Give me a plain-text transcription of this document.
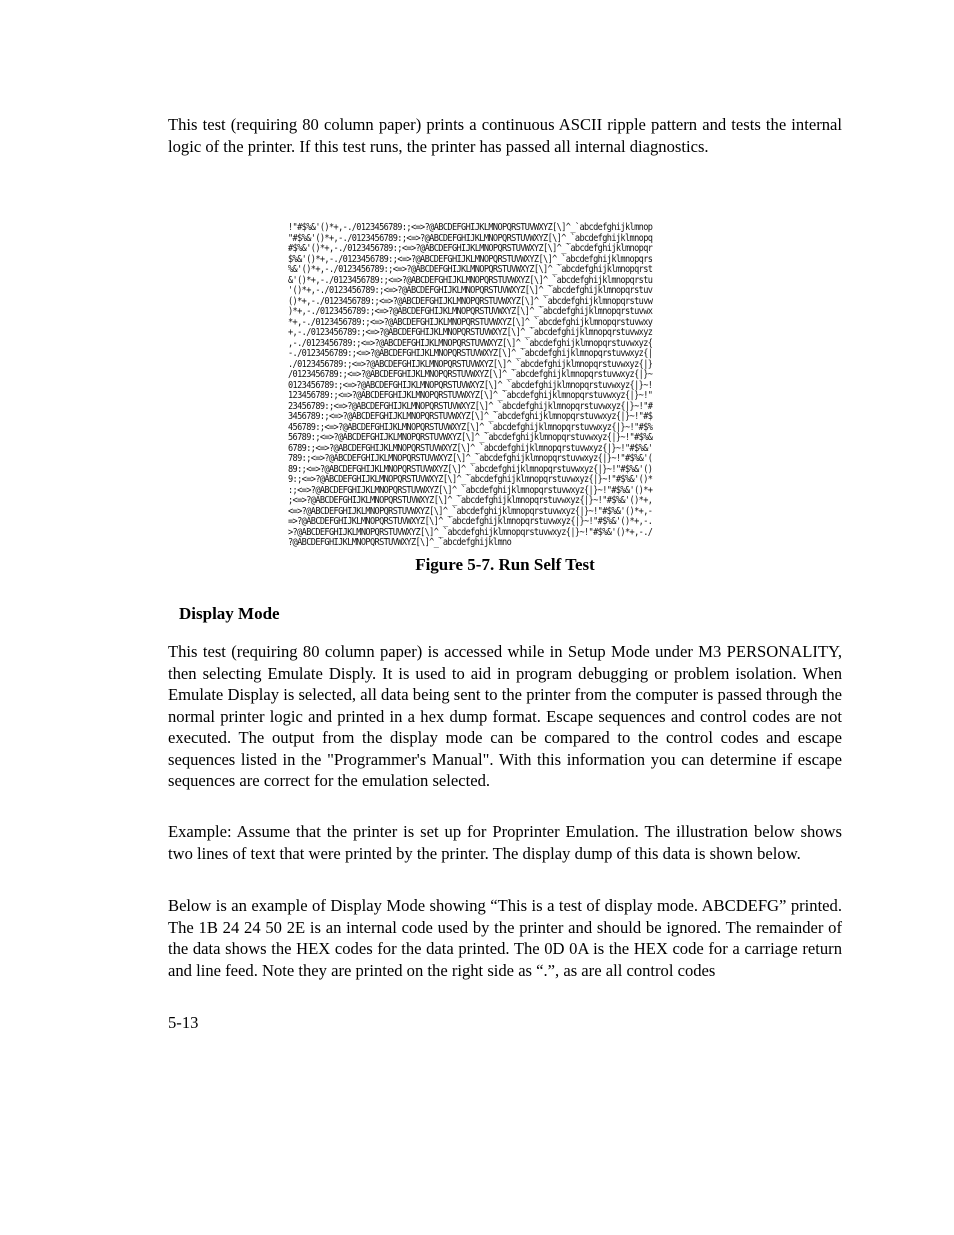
This test (requiring 80 column paper) prints a continuous ASCII ripple pattern and tests the internal logic of the printer. If this test runs, the printer has passed all internal diagnostics.

!"#$%&'()*+,-./0123456789:;<=>?@ABCDEFGHIJKLMNOPQRSTUVWXYZ[\]^_`abcdefghijklmnop
"#$%&'()*+,-./0123456789:;<=>?@ABCDEFGHIJKLMNOPQRSTUVWXYZ[\]^_`abcdefghijklmnopq
#$%&'()*+,-./0123456789:;<=>?@ABCDEFGHIJKLMNOPQRSTUVWXYZ[\]^_`abcdefghijklmnopqr
$%&'()*+,-./0123456789:;<=>?@ABCDEFGHIJKLMNOPQRSTUVWXYZ[\]^_`abcdefghijklmnopqrs
%&'()*+,-./0123456789:;<=>?@ABCDEFGHIJKLMNOPQRSTUVWXYZ[\]^_`abcdefghijklmnopqrst
&'()*+,-./0123456789:;<=>?@ABCDEFGHIJKLMNOPQRSTUVWXYZ[\]^_`abcdefghijklmnopqrstu
'()*+,-./0123456789:;<=>?@ABCDEFGHIJKLMNOPQRSTUVWXYZ[\]^_`abcdefghijklmnopqrstuv
()*+,-./0123456789:;<=>?@ABCDEFGHIJKLMNOPQRSTUVWXYZ[\]^_`abcdefghijklmnopqrstuvw
)*+,-./0123456789:;<=>?@ABCDEFGHIJKLMNOPQRSTUVWXYZ[\]^_`abcdefghijklmnopqrstuvwx
*+,-./0123456789:;<=>?@ABCDEFGHIJKLMNOPQRSTUVWXYZ[\]^_`abcdefghijklmnopqrstuvwxy
+,-./0123456789:;<=>?@ABCDEFGHIJKLMNOPQRSTUVWXYZ[\]^_`abcdefghijklmnopqrstuvwxyz
,-./0123456789:;<=>?@ABCDEFGHIJKLMNOPQRSTUVWXYZ[\]^_`abcdefghijklmnopqrstuvwxyz{
-./0123456789:;<=>?@ABCDEFGHIJKLMNOPQRSTUVWXYZ[\]^_`abcdefghijklmnopqrstuvwxyz{|
./0123456789:;<=>?@ABCDEFGHIJKLMNOPQRSTUVWXYZ[\]^_`abcdefghijklmnopqrstuvwxyz{|}
/0123456789:;<=>?@ABCDEFGHIJKLMNOPQRSTUVWXYZ[\]^_`abcdefghijklmnopqrstuvwxyz{|}~
0123456789:;<=>?@ABCDEFGHIJKLMNOPQRSTUVWXYZ[\]^_`abcdefghijklmnopqrstuvwxyz{|}~!
123456789:;<=>?@ABCDEFGHIJKLMNOPQRSTUVWXYZ[\]^_`abcdefghijklmnopqrstuvwxyz{|}~!"
23456789:;<=>?@ABCDEFGHIJKLMNOPQRSTUVWXYZ[\]^_`abcdefghijklmnopqrstuvwxyz{|}~!"#
3456789:;<=>?@ABCDEFGHIJKLMNOPQRSTUVWXYZ[\]^_`abcdefghijklmnopqrstuvwxyz{|}~!"#$
456789:;<=>?@ABCDEFGHIJKLMNOPQRSTUVWXYZ[\]^_`abcdefghijklmnopqrstuvwxyz{|}~!"#$%
56789:;<=>?@ABCDEFGHIJKLMNOPQRSTUVWXYZ[\]^_`abcdefghijklmnopqrstuvwxyz{|}~!"#$%&
6789:;<=>?@ABCDEFGHIJKLMNOPQRSTUVWXYZ[\]^_`abcdefghijklmnopqrstuvwxyz{|}~!"#$%&'
789:;<=>?@ABCDEFGHIJKLMNOPQRSTUVWXYZ[\]^_`abcdefghijklmnopqrstuvwxyz{|}~!"#$%&'(
89:;<=>?@ABCDEFGHIJKLMNOPQRSTUVWXYZ[\]^_`abcdefghijklmnopqrstuvwxyz{|}~!"#$%&'()
9:;<=>?@ABCDEFGHIJKLMNOPQRSTUVWXYZ[\]^_`abcdefghijklmnopqrstuvwxyz{|}~!"#$%&'()*
:;<=>?@ABCDEFGHIJKLMNOPQRSTUVWXYZ[\]^_`abcdefghijklmnopqrstuvwxyz{|}~!"#$%&'()*+
;<=>?@ABCDEFGHIJKLMNOPQRSTUVWXYZ[\]^_`abcdefghijklmnopqrstuvwxyz{|}~!"#$%&'()*+,
<=>?@ABCDEFGHIJKLMNOPQRSTUVWXYZ[\]^_`abcdefghijklmnopqrstuvwxyz{|}~!"#$%&'()*+,-
=>?@ABCDEFGHIJKLMNOPQRSTUVWXYZ[\]^_`abcdefghijklmnopqrstuvwxyz{|}~!"#$%&'()*+,-.
>?@ABCDEFGHIJKLMNOPQRSTUVWXYZ[\]^_`abcdefghijklmnopqrstuvwxyz{|}~!"#$%&'()*+,-./
?@ABCDEFGHIJKLMNOPQRSTUVWXYZ[\]^_`abcdefghijklmno
Figure 5-7. Run Self Test
Display Mode

This test (requiring 80 column paper) is accessed while in Setup Mode under M3 PERSONALITY, then selecting Emulate Disply. It is used to aid in program debugging or problem isolation. When Emulate Display is selected, all data being sent to the printer from the computer is passed through the normal printer logic and printed in a hex dump format. Escape sequences and control codes are not executed. The output from the display mode can be compared to the control codes and escape sequences listed in the "Programmer's Manual". With this information you can determine if escape sequences are correct for the emulation selected.

Example: Assume that the printer is set up for Proprinter Emulation. The illustration below shows two lines of text that were printed by the printer. The display dump of this data is shown below.

Below is an example of Display Mode showing “This is a test of display mode. ABCDEFG” printed. The 1B 24 24 50 2E is an internal code used by the printer and should be ignored. The remainder of the data shows the HEX codes for the data printed. The 0D 0A is the HEX code for a carriage return and line feed. Note they are printed on the right side as “.”, as are all control codes

5-13
